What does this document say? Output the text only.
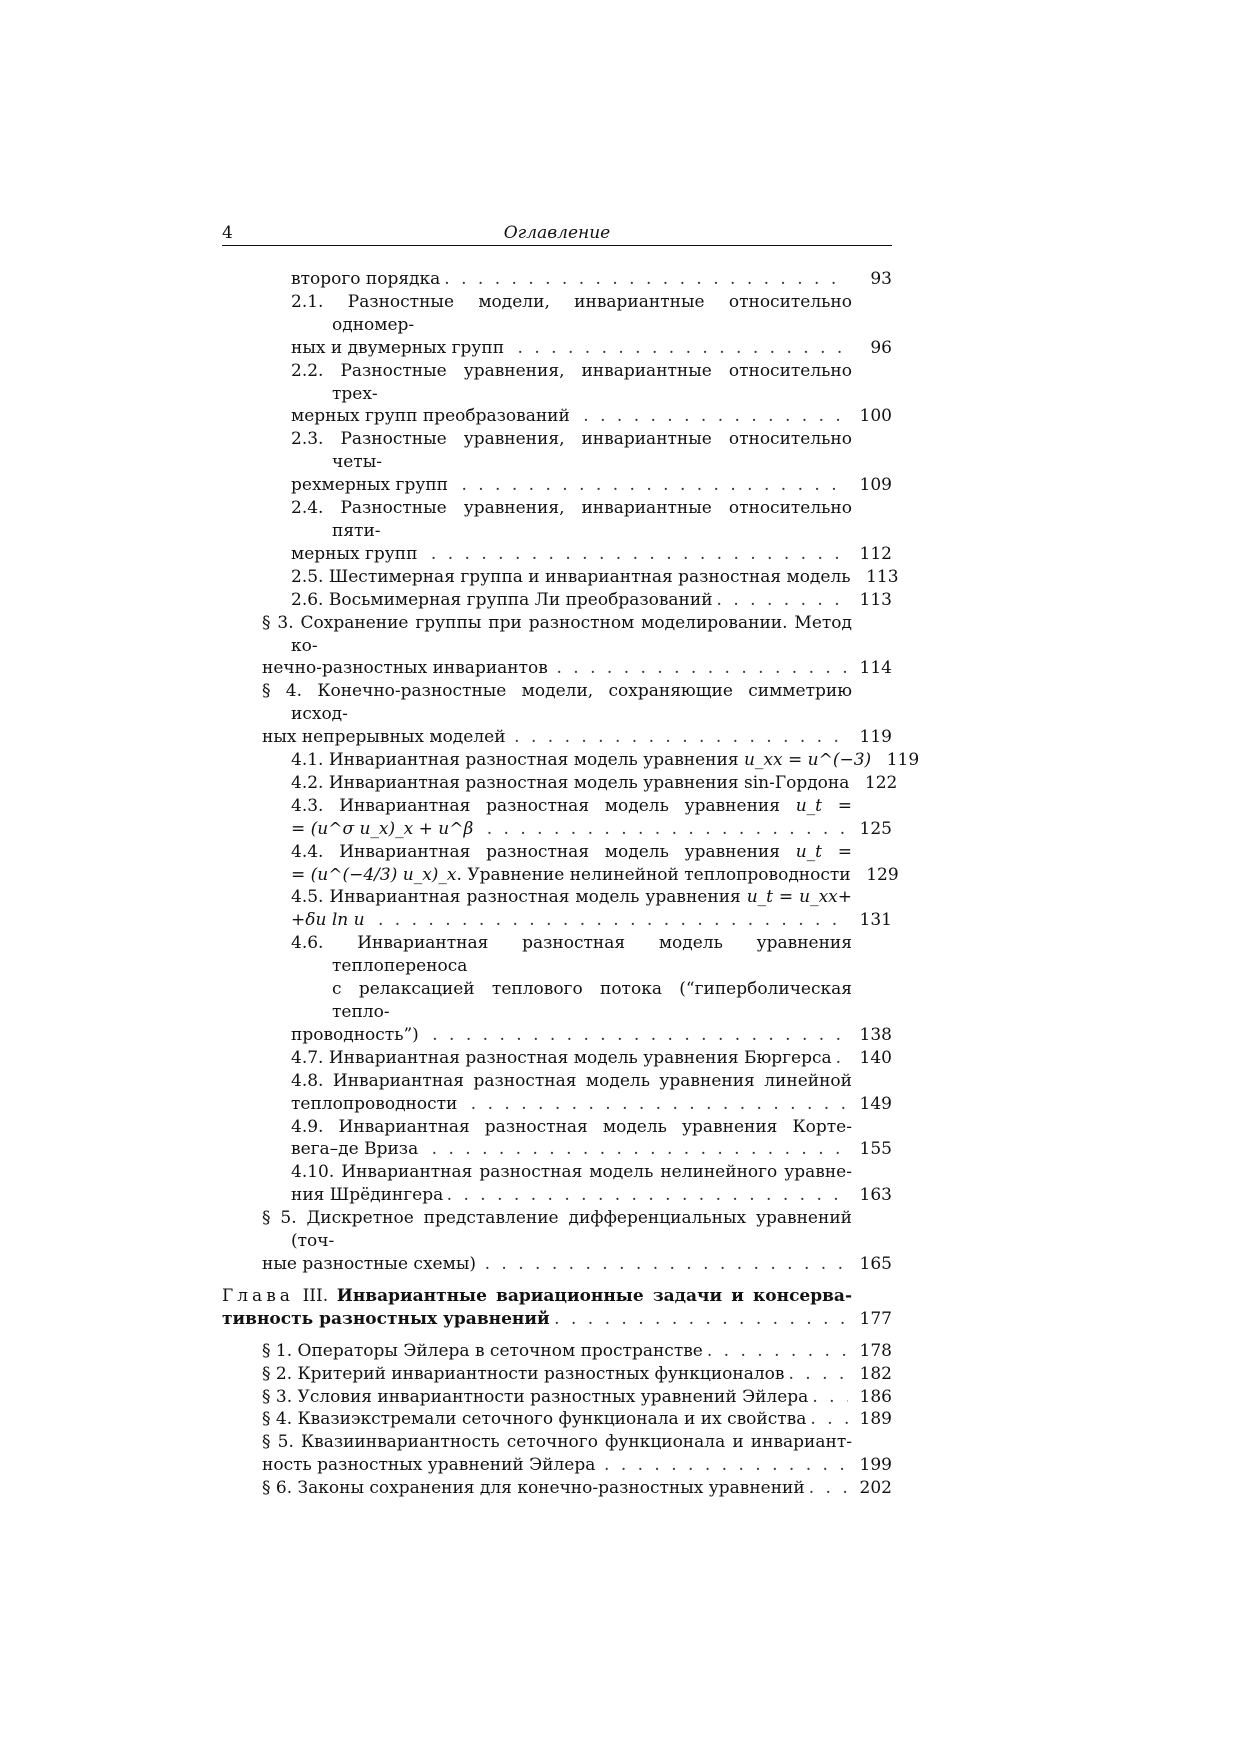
4	Оглавление
второго порядка . . .	93
2.1. Разностные модели, инвариантные относительно одномер-
ных и двумерных групп . . .	96
2.2. Разностные уравнения, инвариантные относительно трех-
мерных групп преобразований . . .	100
2.3. Разностные уравнения, инвариантные относительно четы-
рехмерных групп . . .	109
2.4. Разностные уравнения, инвариантные относительно пяти-
мерных групп . . .	112
2.5. Шестимерная группа и инвариантная разностная модель 113
2.6. Восьмимерная группа Ли преобразований . . .	113
§ 3. Сохранение группы при разностном моделировании. Метод ко-
нечно-разностных инвариантов . . .	114
§ 4. Конечно-разностные модели, сохраняющие симметрию исход-
ных непрерывных моделей . . .	119
4.1. Инвариантная разностная модель уравнения u_xx = u^(−3) 119
4.2. Инвариантная разностная модель уравнения sin-Гордона 122
4.3. Инвариантная разностная модель уравнения u_t =
= (u^σ u_x)_x + u^β . . .	125
4.4. Инвариантная разностная модель уравнения u_t =
= (u^(−4/3) u_x)_x. Уравнение нелинейной теплопроводности 129
4.5. Инвариантная разностная модель уравнения u_t = u_xx+
+δu ln u . . .	131
4.6. Инвариантная разностная модель уравнения теплопереноса
с релаксацией теплового потока (“гиперболическая тепло-
проводность”) . . .	138
4.7. Инвариантная разностная модель уравнения Бюргерса . . .	140
4.8. Инвариантная разностная модель уравнения линейной
теплопроводности . . .	149
4.9. Инвариантная разностная модель уравнения Корте-
вега–де Вриза . . .	155
4.10. Инвариантная разностная модель нелинейного уравне-
ния Шрёдингера . . .	163
§ 5. Дискретное представление дифференциальных уравнений (точ-
ные разностные схемы) . . .	165
Глава III. Инвариантные вариационные задачи и консерва-
тивность разностных уравнений . . .	177
§ 1. Операторы Эйлера в сеточном пространстве . . .	178
§ 2. Критерий инвариантности разностных функционалов . . .	182
§ 3. Условия инвариантности разностных уравнений Эйлера . . .	186
§ 4. Квазиэкстремали сеточного функционала и их свойства . . .	189
§ 5. Квазиинвариантность сеточного функционала и инвариант-
ность разностных уравнений Эйлера . . .	199
§ 6. Законы сохранения для конечно-разностных уравнений . . .	202
